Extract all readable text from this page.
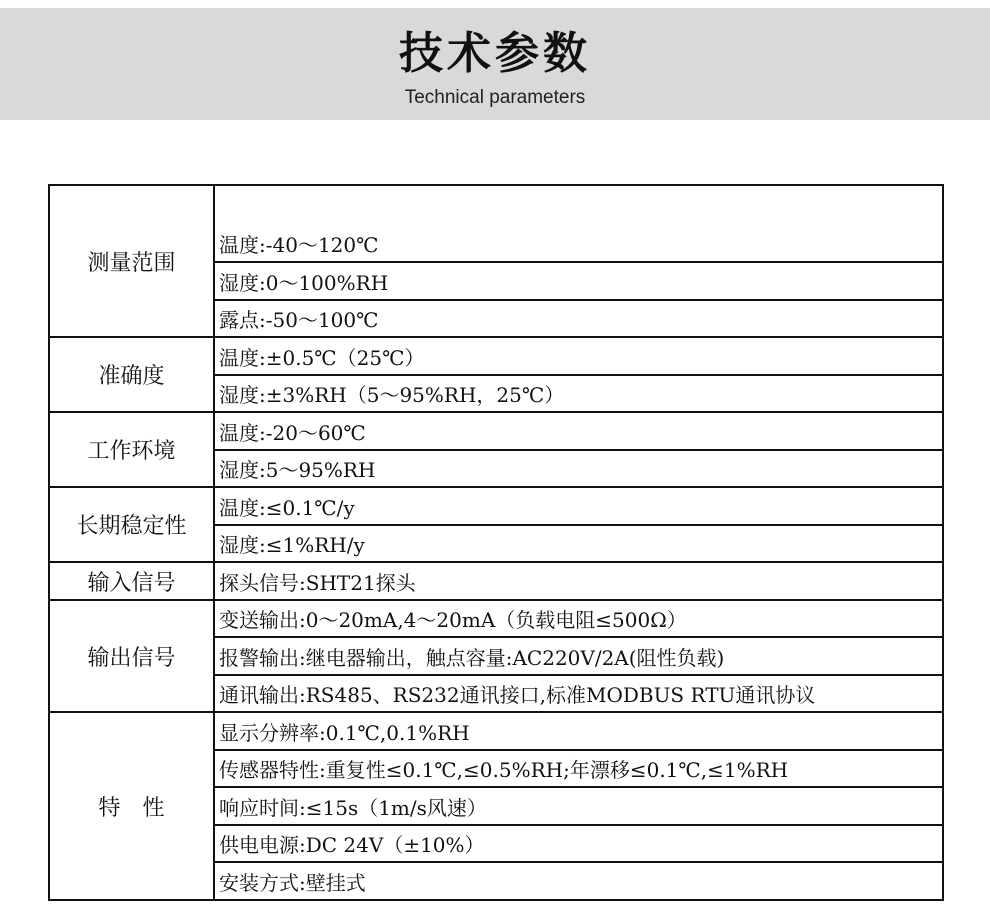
技术参数
Technical parameters
测量范围
准确度
工作环境
长期稳定性
输入信号
输出信号
特　性
温度:-40～120℃
湿度:0～100%RH
露点:-50～100℃
温度:±0.5℃（25℃）
湿度:±3%RH（5～95%RH，25℃）
温度:-20～60℃
湿度:5～95%RH
温度:≤0.1℃/y
湿度:≤1%RH/y
探头信号:SHT21探头
变送输出:0～20mA,4～20mA（负载电阻≤500Ω）
报警输出:继电器输出，触点容量:AC220V/2A(阻性负载)
通讯输出:RS485、RS232通讯接口,标准MODBUS RTU通讯协议
显示分辨率:0.1℃,0.1%RH
传感器特性:重复性≤0.1℃,≤0.5%RH;年漂移≤0.1℃,≤1%RH
响应时间:≤15s（1m/s风速）
供电电源:DC 24V（±10%）
安装方式:壁挂式
